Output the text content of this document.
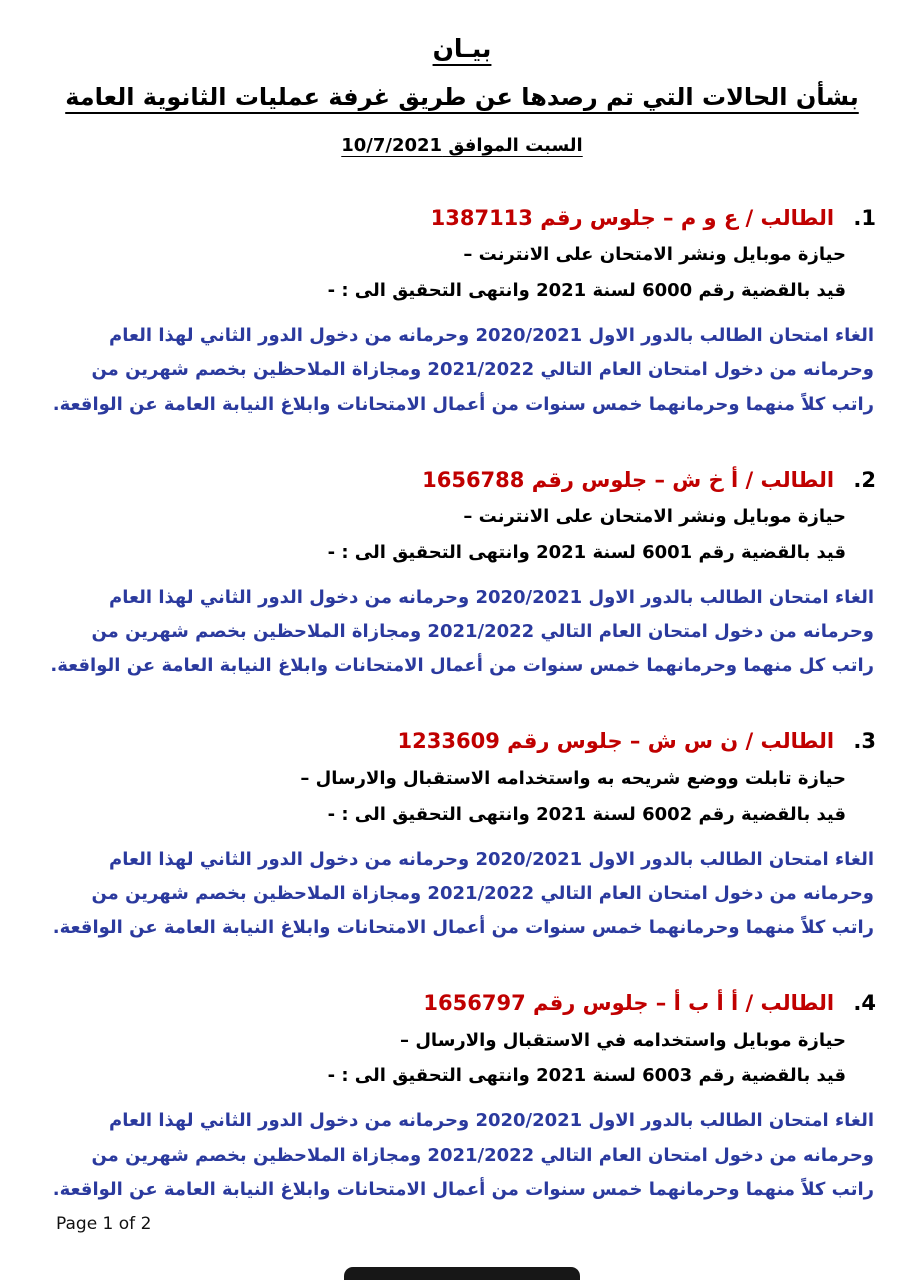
بيـان
بشأن الحالات التي تم رصدها عن طريق غرفة عمليات الثانوية العامة
السبت الموافق 10/7/2021
1. الطالب / ع و م – جلوس رقم 1387113

حيازة موبايل ونشر الامتحان على الانترنت –

قيد بالقضية رقم 6000 لسنة 2021 وانتهى التحقيق الى : -

الغاء امتحان الطالب بالدور الاول 2020/2021 وحرمانه من دخول الدور الثاني لهذا العام وحرمانه من دخول امتحان العام التالي 2021/2022 ومجازاة الملاحظين بخصم شهرين من راتب كلاً منهما وحرمانهما خمس سنوات من أعمال الامتحانات وابلاغ النيابة العامة عن الواقعة.

2. الطالب / أ خ ش – جلوس رقم 1656788

حيازة موبايل ونشر الامتحان على الانترنت –

قيد بالقضية رقم 6001 لسنة 2021 وانتهى التحقيق الى : -

الغاء امتحان الطالب بالدور الاول 2020/2021 وحرمانه من دخول الدور الثاني لهذا العام وحرمانه من دخول امتحان العام التالي 2021/2022 ومجازاة الملاحظين بخصم شهرين من راتب كل منهما وحرمانهما خمس سنوات من أعمال الامتحانات وابلاغ النيابة العامة عن الواقعة.

3. الطالب / ن س ش – جلوس رقم 1233609

حيازة تابلت ووضع شريحه به واستخدامه الاستقبال والارسال –

قيد بالقضية رقم 6002 لسنة 2021 وانتهى التحقيق الى : -

الغاء امتحان الطالب بالدور الاول 2020/2021 وحرمانه من دخول الدور الثاني لهذا العام وحرمانه من دخول امتحان العام التالي 2021/2022 ومجازاة الملاحظين بخصم شهرين من راتب كلاً منهما وحرمانهما خمس سنوات من أعمال الامتحانات وابلاغ النيابة العامة عن الواقعة.

4. الطالب / أ أ ب أ – جلوس رقم 1656797

حيازة موبايل واستخدامه في الاستقبال والارسال –

قيد بالقضية رقم 6003 لسنة 2021 وانتهى التحقيق الى : -

الغاء امتحان الطالب بالدور الاول 2020/2021 وحرمانه من دخول الدور الثاني لهذا العام وحرمانه من دخول امتحان العام التالي 2021/2022 ومجازاة الملاحظين بخصم شهرين من راتب كلاً منهما وحرمانهما خمس سنوات من أعمال الامتحانات وابلاغ النيابة العامة عن الواقعة.

Page 1 of 2
